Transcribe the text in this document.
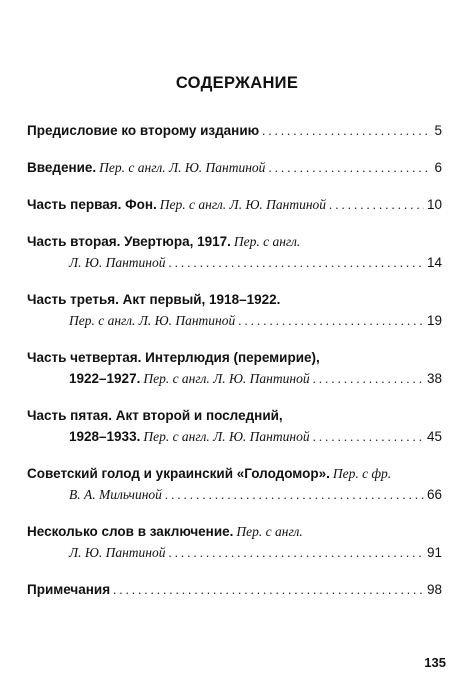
СОДЕРЖАНИЕ
Предисловие ко второму изданию . . .	5
Введение. Пер. с англ. Л. Ю. Пантиной . . .	6
Часть первая. Фон. Пер. с англ. Л. Ю. Пантиной . . .	10
Часть вторая. Увертюра, 1917. Пер. с англ.
Л. Ю. Пантиной . . .	14
Часть третья. Акт первый, 1918–1922.
Пер. с англ. Л. Ю. Пантиной . . .	19
Часть четвертая. Интерлюдия (перемирие),
1922–1927. Пер. с англ. Л. Ю. Пантиной . . .	38
Часть пятая. Акт второй и последний,
1928–1933. Пер. с англ. Л. Ю. Пантиной . . .	45
Советский голод и украинский «Голодомор». Пер. с фр.
В. А. Мильчиной . . .	66
Несколько слов в заключение. Пер. с англ.
Л. Ю. Пантиной . . .	91
Примечания . . .	98
135
